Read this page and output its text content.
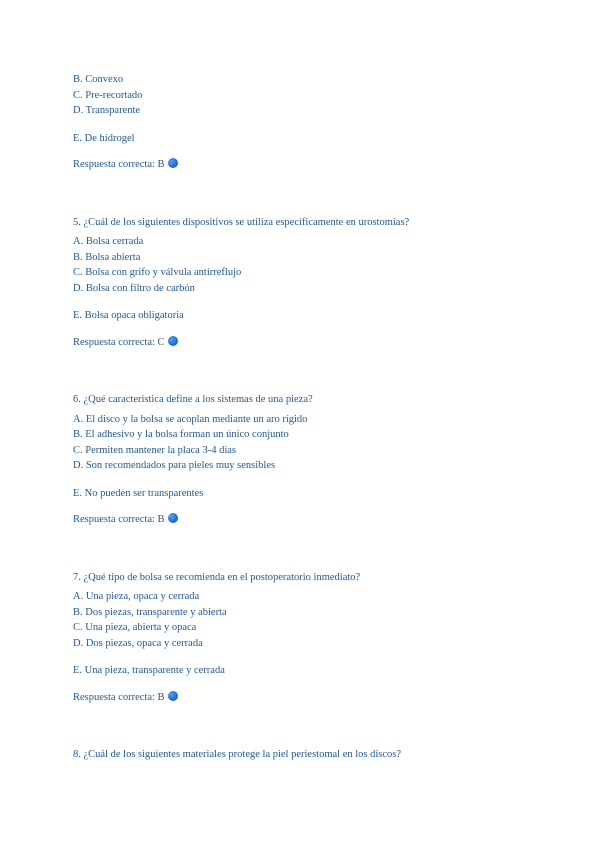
B. Convexo
C. Pre-recortado
D. Transparente
E. De hidrogel
Respuesta correcta: B
5. ¿Cuál de los siguientes dispositivos se utiliza específicamente en urostomías?
A. Bolsa cerrada
B. Bolsa abierta
C. Bolsa con grifo y válvula antirreflujo
D. Bolsa con filtro de carbón
E. Bolsa opaca obligatoria
Respuesta correcta: C
6. ¿Qué característica define a los sistemas de una pieza?
A. El disco y la bolsa se acoplan mediante un aro rígido
B. El adhesivo y la bolsa forman un único conjunto
C. Permiten mantener la placa 3-4 días
D. Son recomendados para pieles muy sensibles
E. No pueden ser transparentes
Respuesta correcta: B
7. ¿Qué tipo de bolsa se recomienda en el postoperatorio inmediato?
A. Una pieza, opaca y cerrada
B. Dos piezas, transparente y abierta
C. Una pieza, abierta y opaca
D. Dos piezas, opaca y cerrada
E. Una pieza, transparente y cerrada
Respuesta correcta: B
8. ¿Cuál de los siguientes materiales protege la piel periestomal en los discos?
